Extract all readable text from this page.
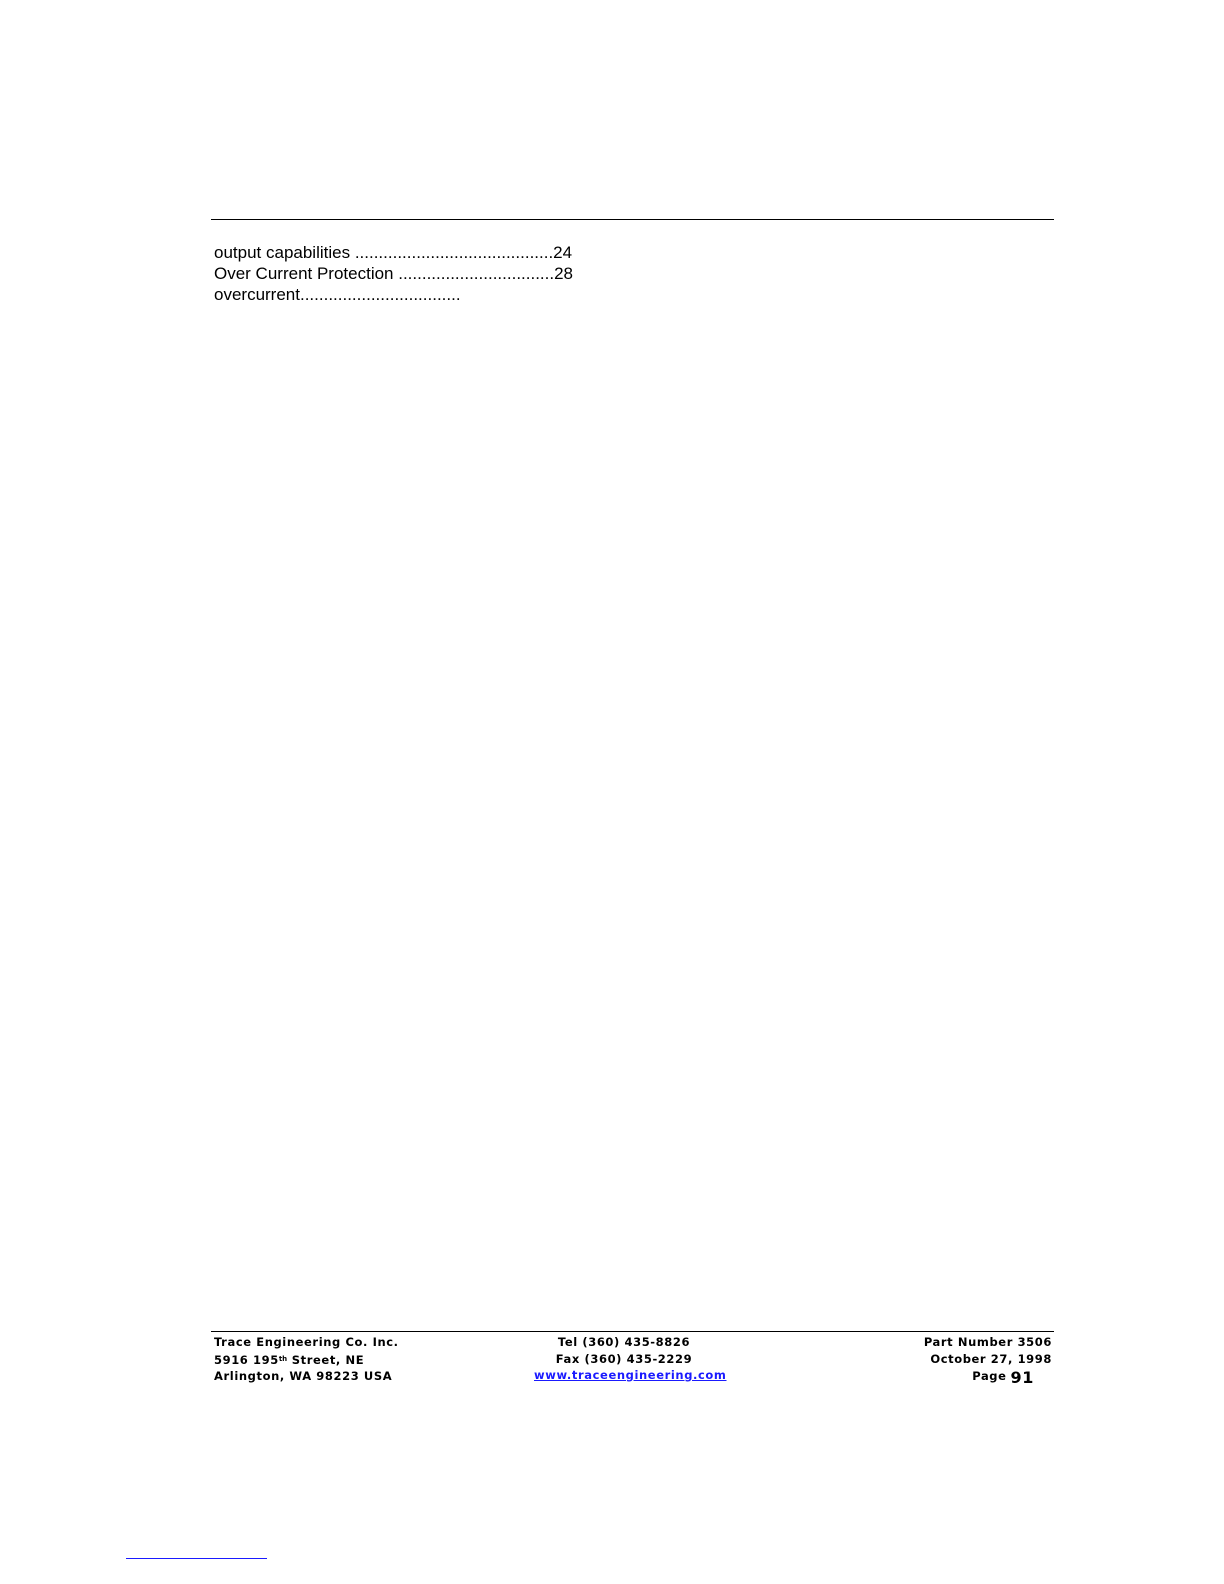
output capabilities ..........................................24
Over Current Protection .................................28
overcurrent..................................
Trace Engineering Co. Inc.
5916 195th Street, NE
Arlington, WA 98223 USA
Tel (360) 435-8826
Fax (360) 435-2229
www.traceengineering.com
Part Number 3506
October 27, 1998
Page 91
